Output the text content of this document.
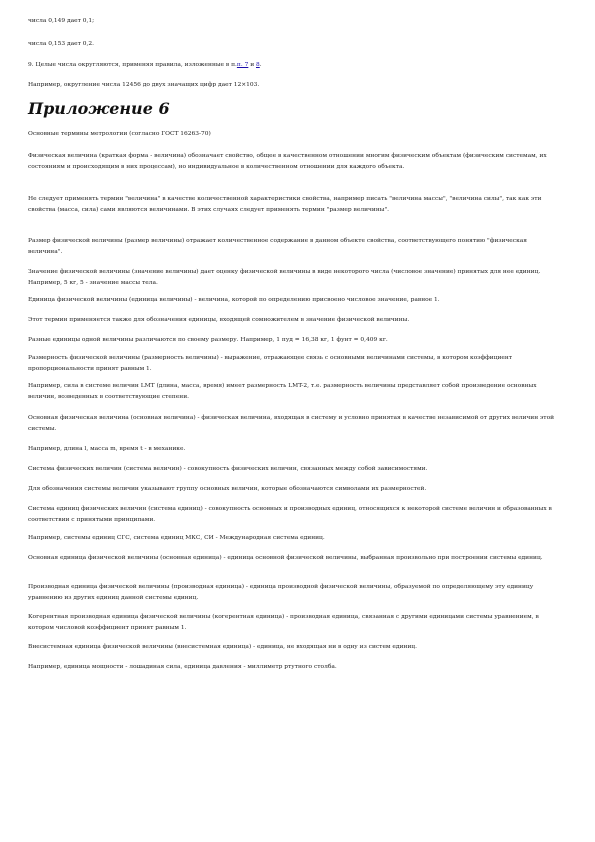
числа 0,149 дает 0,1;

числа 0,153 дает 0,2.

9. Целые числа округляются, применяя правила, изложенные в п.п. 7 и 8.

Например, округление числа 12456 до двух значащих цифр дает 12×103.

Приложение 6

Основные термины метрологии (согласно ГОСТ 16263-70)

Физическая величина (краткая форма - величина) обозначает свойство, общее в качественном отношении многим физическим объектам (физическим системам, их состояниям и происходящим в них процессам), но индивидуальное в количественном отношении для каждого объекта.

Не следует применять термин "величина" в качестве количественной характеристики свойства, например писать "величина массы", "величина силы", так как эти свойства (масса, сила) сами являются величинами. В этих случаях следует применять термин "размер величины".

Размер физической величины (размер величины) отражает количественное содержание в данном объекте свойства, соответствующего понятию "физическая величина".

Значение физической величины (значение величины) дает оценку физической величины в виде некоторого числа (числовое значение) принятых для нее единиц. Например, 5 кг, 5 - значение массы тела.

Единица физической величины (единица величины) - величина, которой по определению присвоено числовое значение, равное 1.

Этот термин применяется также для обозначения единицы, входящей сомножителем в значение физической величины.

Разные единицы одной величины различаются по своему размеру. Например, 1 пуд = 16,38 кг, 1 фунт = 0,409 кг.

Размерность физической величины (размерность величины) - выражение, отражающее связь с основными величинами системы, в котором коэффициент пропорциональности принят равным 1.

Например, сила в системе величин LMT (длина, масса, время) имеет размерность LMT-2, т.е. размерность величины представляет собой произведение основных величин, возведенных в соответствующие степени.

Основная физическая величина (основная величина) - физическая величина, входящая в систему и условно принятая в качестве независимой от других величин этой системы.

Например, длина l, масса m, время t - в механике.

Система физических величин (система величин) - совокупность физических величин, связанных между собой зависимостями.

Для обозначения системы величин указывают группу основных величин, которые обозначаются символами их размерностей.

Система единиц физических величин (система единиц) - совокупность основных и производных единиц, относящихся к некоторой системе величин и образованных в соответствии с принятыми принципами.

Например, системы единиц СГС, система единиц МКС, СИ - Международная система единиц.

Основная единица физической величины (основная единица) - единица основной физической величины, выбранная произвольно при построении системы единиц.

Производная единица физической величины (производная единица) - единица производной физической величины, образуемой по определяющему эту единицу уравнению из других единиц данной системы единиц.

Когерентная производная единица физической величины (когерентная единица) - производная единица, связанная с другими единицами системы уравнением, в котором числовой коэффициент принят равным 1.

Внесистемная единица физической величины (внесистемная единица) - единица, не входящая ни в одну из систем единиц.

Например, единица мощности - лошадиная сила, единица давления - миллиметр ртутного столба.
